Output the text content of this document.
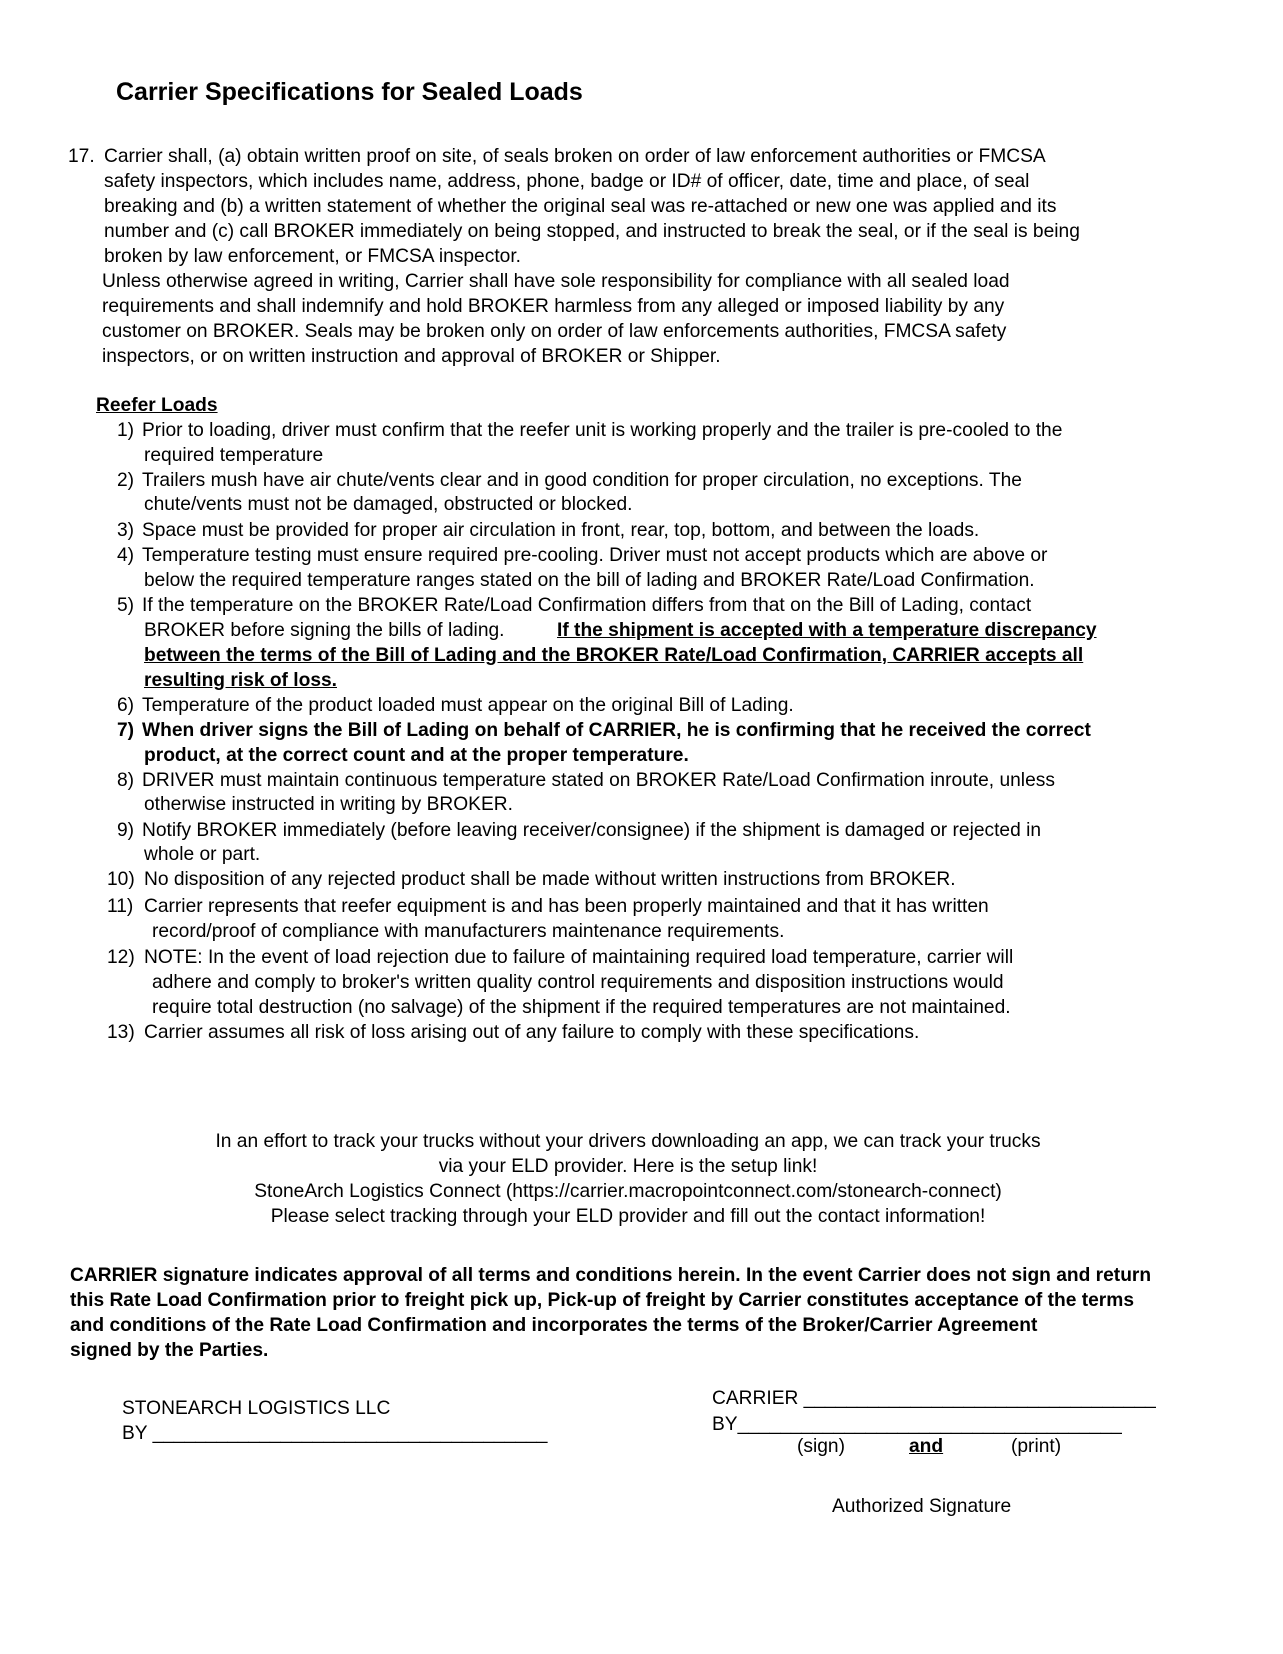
Carrier Specifications for Sealed Loads
17. Carrier shall, (a) obtain written proof on site, of seals broken on order of law enforcement authorities or FMCSA
safety inspectors, which includes name, address, phone, badge or ID# of officer, date, time and place, of seal
breaking and (b) a written statement of whether the original seal was re-attached or new one was applied and its
number and (c) call BROKER immediately on being stopped, and instructed to break the seal, or if the seal is being
broken by law enforcement, or FMCSA inspector.
Unless otherwise agreed in writing, Carrier shall have sole responsibility for compliance with all sealed load
requirements and shall indemnify and hold BROKER harmless from any alleged or imposed liability by any
customer on BROKER. Seals may be broken only on order of law enforcements authorities, FMCSA safety
inspectors, or on written instruction and approval of BROKER or Shipper.
Reefer Loads
1) Prior to loading, driver must confirm that the reefer unit is working properly and the trailer is pre-cooled to the
required temperature
2) Trailers mush have air chute/vents clear and in good condition for proper circulation, no exceptions. The
chute/vents must not be damaged, obstructed or blocked.
3) Space must be provided for proper air circulation in front, rear, top, bottom, and between the loads.
4) Temperature testing must ensure required pre-cooling. Driver must not accept products which are above or
below the required temperature ranges stated on the bill of lading and BROKER Rate/Load Confirmation.
5) If the temperature on the BROKER Rate/Load Confirmation differs from that on the Bill of Lading, contact
BROKER before signing the bills of lading.	If the shipment is accepted with a temperature discrepancy
between the terms of the Bill of Lading and the BROKER Rate/Load Confirmation, CARRIER accepts all
resulting risk of loss.
6) Temperature of the product loaded must appear on the original Bill of Lading.
7) When driver signs the Bill of Lading on behalf of CARRIER, he is confirming that he received the correct
product, at the correct count and at the proper temperature.
8) DRIVER must maintain continuous temperature stated on BROKER Rate/Load Confirmation inroute, unless
otherwise instructed in writing by BROKER.
9) Notify BROKER immediately (before leaving receiver/consignee) if the shipment is damaged or rejected in
whole or part.
10) No disposition of any rejected product shall be made without written instructions from BROKER.
11) Carrier represents that reefer equipment is and has been properly maintained and that it has written
record/proof of compliance with manufacturers maintenance requirements.
12) NOTE: In the event of load rejection due to failure of maintaining required load temperature, carrier will
adhere and comply to broker's written quality control requirements and disposition instructions would
require total destruction (no salvage) of the shipment if the required temperatures are not maintained.
13) Carrier assumes all risk of loss arising out of any failure to comply with these specifications.
In an effort to track your trucks without your drivers downloading an app, we can track your trucks
via your ELD provider. Here is the setup link!
StoneArch Logistics Connect (https://carrier.macropointconnect.com/stonearch-connect)
Please select tracking through your ELD provider and fill out the contact information!
CARRIER signature indicates approval of all terms and conditions herein. In the event Carrier does not sign and return
this Rate Load Confirmation prior to freight pick up, Pick-up of freight by Carrier constitutes acceptance of the terms
and conditions of the Rate Load Confirmation and incorporates the terms of the Broker/Carrier Agreement
signed by the Parties.
STONEARCH LOGISTICS LLC
BY _____________________________________
CARRIER _________________________________
BY____________________________________
(sign)	and	(print)
Authorized Signature
